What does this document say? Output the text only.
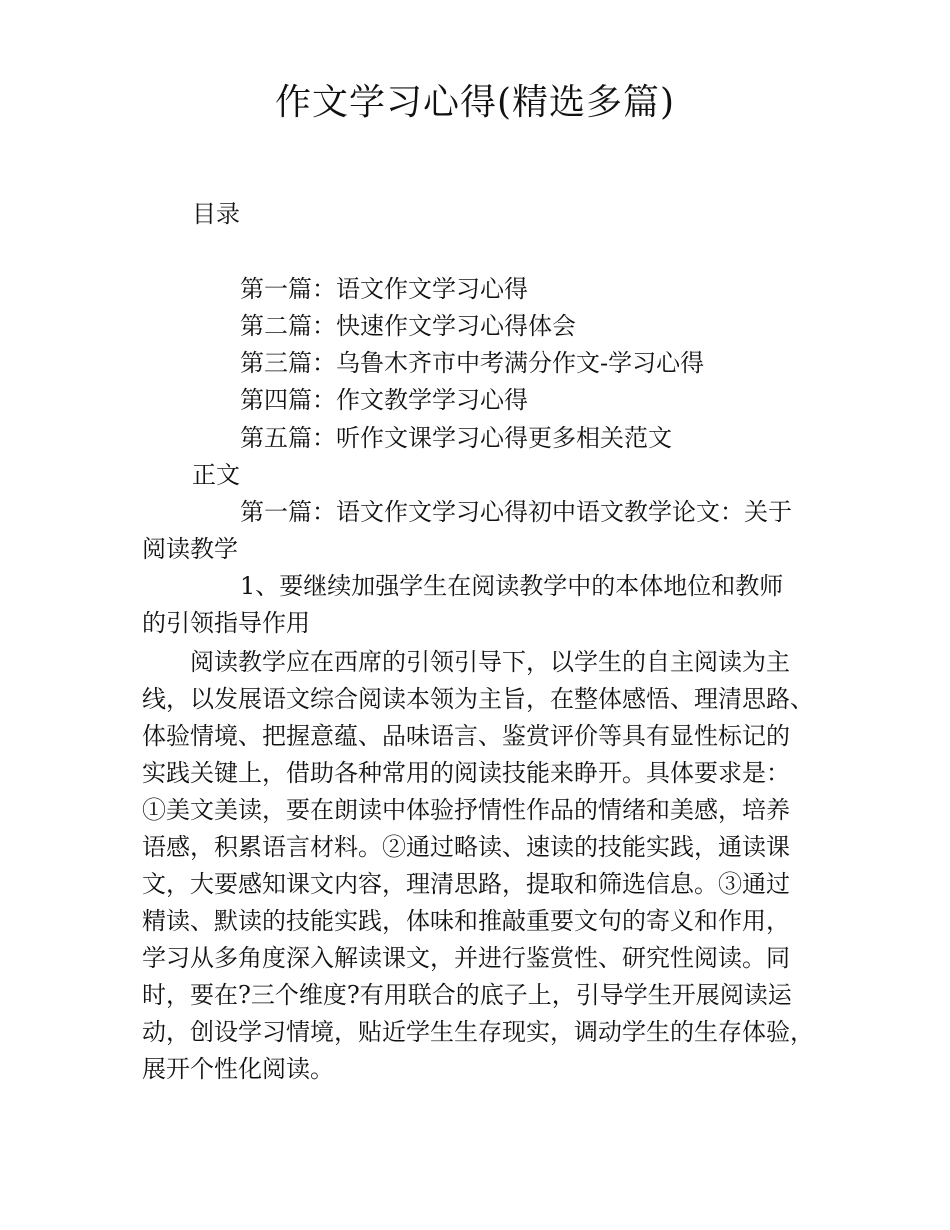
作文学习心得(精选多篇)
目录
第一篇：语文作文学习心得
第二篇：快速作文学习心得体会
第三篇：乌鲁木齐市中考满分作文-学习心得
第四篇：作文教学学习心得
第五篇：听作文课学习心得更多相关范文
正文
第一篇：语文作文学习心得初中语文教学论文：关于
阅读教学
1、要继续加强学生在阅读教学中的本体地位和教师
的引领指导作用
阅读教学应在西席的引领引导下，以学生的自主阅读为主
线，以发展语文综合阅读本领为主旨，在整体感悟、理清思路、
体验情境、把握意蕴、品味语言、鉴赏评价等具有显性标记的
实践关键上，借助各种常用的阅读技能来睁开。具体要求是：
①美文美读，要在朗读中体验抒情性作品的情绪和美感，培养
语感，积累语言材料。②通过略读、速读的技能实践，通读课
文，大要感知课文内容，理清思路，提取和筛选信息。③通过
精读、默读的技能实践，体味和推敲重要文句的寄义和作用，
学习从多角度深入解读课文，并进行鉴赏性、研究性阅读。同
时，要在?三个维度?有用联合的底子上，引导学生开展阅读运
动，创设学习情境，贴近学生生存现实，调动学生的生存体验，
展开个性化阅读。
